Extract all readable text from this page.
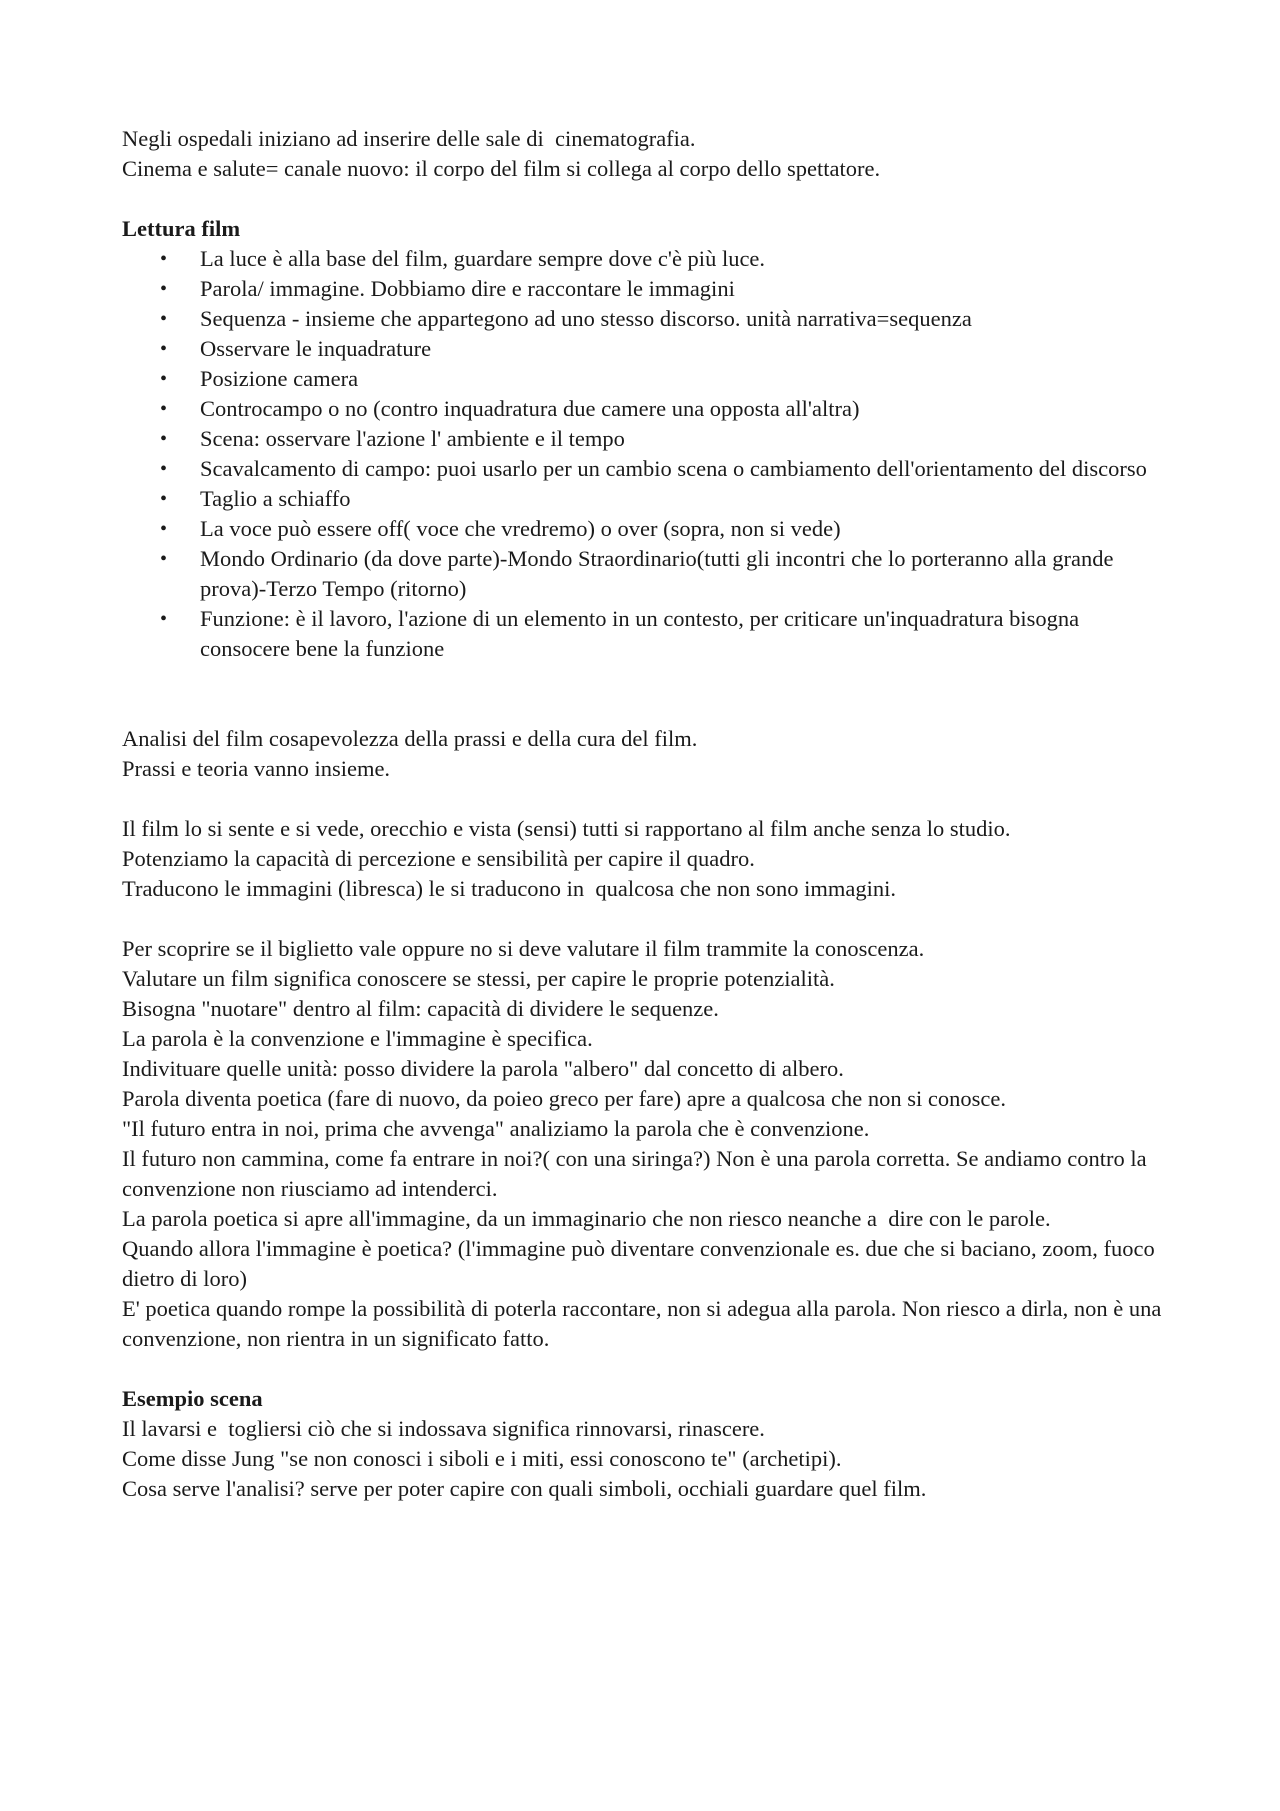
Negli ospedali iniziano ad inserire delle sale di  cinematografia.
Cinema e salute= canale nuovo: il corpo del film si collega al corpo dello spettatore.
Lettura film
• La luce è alla base del film, guardare sempre dove c'è più luce.
• Parola/ immagine. Dobbiamo dire e raccontare le immagini
• Sequenza - insieme che appartegono ad uno stesso discorso. unità narrativa=sequenza
• Osservare le inquadrature
• Posizione camera
• Controcampo o no (contro inquadratura due camere una opposta all'altra)
• Scena: osservare l'azione l' ambiente e il tempo
• Scavalcamento di campo: puoi usarlo per un cambio scena o cambiamento dell'orientamento del discorso
• Taglio a schiaffo
• La voce può essere off( voce che vredremo) o over (sopra, non si vede)
• Mondo Ordinario (da dove parte)-Mondo Straordinario(tutti gli incontri che lo porteranno alla grande prova)-Terzo Tempo (ritorno)
• Funzione: è il lavoro, l'azione di un elemento in un contesto, per criticare un'inquadratura bisogna consocere bene la funzione
Analisi del film cosapevolezza della prassi e della cura del film.
Prassi e teoria vanno insieme.
Il film lo si sente e si vede, orecchio e vista (sensi) tutti si rapportano al film anche senza lo studio.
Potenziamo la capacità di percezione e sensibilità per capire il quadro.
Traducono le immagini (libresca) le si traducono in  qualcosa che non sono immagini.
Per scoprire se il biglietto vale oppure no si deve valutare il film trammite la conoscenza.
Valutare un film significa conoscere se stessi, per capire le proprie potenzialità.
Bisogna "nuotare" dentro al film: capacità di dividere le sequenze.
La parola è la convenzione e l'immagine è specifica.
Indivituare quelle unità: posso dividere la parola "albero" dal concetto di albero.
Parola diventa poetica (fare di nuovo, da poieo greco per fare) apre a qualcosa che non si conosce.
"Il futuro entra in noi, prima che avvenga" analiziamo la parola che è convenzione.
Il futuro non cammina, come fa entrare in noi?( con una siringa?) Non è una parola corretta. Se andiamo contro la convenzione non riusciamo ad intenderci.
La parola poetica si apre all'immagine, da un immaginario che non riesco neanche a  dire con le parole.
Quando allora l'immagine è poetica? (l'immagine può diventare convenzionale es. due che si baciano, zoom, fuoco dietro di loro)
E' poetica quando rompe la possibilità di poterla raccontare, non si adegua alla parola. Non riesco a dirla, non è una convenzione, non rientra in un significato fatto.
Esempio scena
Il lavarsi e  togliersi ciò che si indossava significa rinnovarsi, rinascere.
Come disse Jung "se non conosci i siboli e i miti, essi conoscono te" (archetipi).
Cosa serve l'analisi? serve per poter capire con quali simboli, occhiali guardare quel film.
